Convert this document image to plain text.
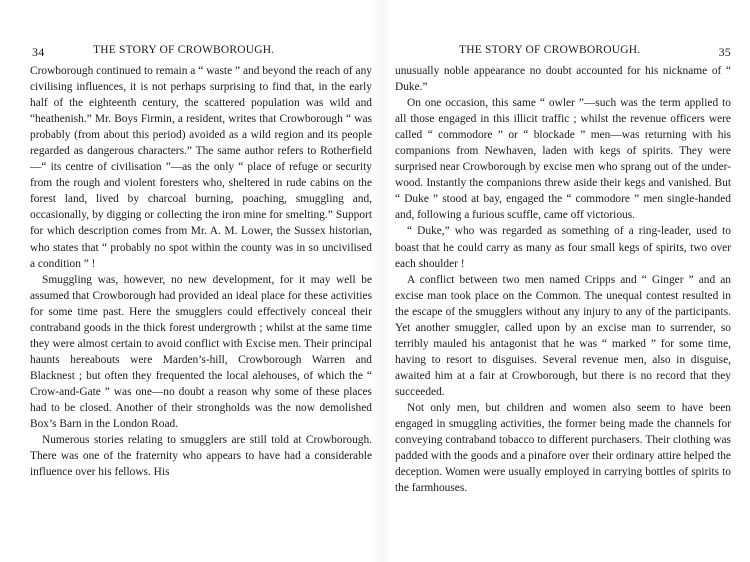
34	THE STORY OF CROWBOROUGH.

Crowborough continued to remain a “ waste ” and beyond the reach of any civilising influences, it is not perhaps surprising to find that, in the early half of the eighteenth century, the scattered population was wild and “heathenish.” Mr. Boys Firmin, a resident, writes that Crowborough “ was probably (from about this period) avoided as a wild region and its people regarded as dangerous characters.” The same author refers to Rotherfield—“ its centre of civilisation ”—as the only “ place of refuge or security from the rough and violent foresters who, sheltered in rude cabins on the forest land, lived by charcoal burning, poaching, smuggling and, occasionally, by digging or collecting the iron mine for smelting.” Support for which description comes from Mr. A. M. Lower, the Sussex historian, who states that “ probably no spot within the county was in so uncivilised a condition ” !

Smuggling was, however, no new development, for it may well be assumed that Crowborough had provided an ideal place for these activities for some time past. Here the smugglers could effectively conceal their contraband goods in the thick forest undergrowth ; whilst at the same time they were almost certain to avoid conflict with Excise men. Their principal haunts hereabouts were Marden’s-hill, Crowborough Warren and Blacknest ; but often they frequented the local alehouses, of which the “ Crow-and-Gate ” was one—no doubt a reason why some of these places had to be closed. Another of their strongholds was the now demolished Box’s Barn in the London Road.

Numerous stories relating to smugglers are still told at Crowborough. There was one of the fraternity who appears to have had a considerable influence over his fellows. His

THE STORY OF CROWBOROUGH.	35

unusually noble appearance no doubt accounted for his nickname of “ Duke.”

On one occasion, this same “ owler ”—such was the term applied to all those engaged in this illicit traffic ; whilst the revenue officers were called “ commodore ” or “ blockade ” men—was returning with his companions from Newhaven, laden with kegs of spirits. They were surprised near Crowborough by excise men who sprang out of the under-wood. Instantly the companions threw aside their kegs and vanished. But “ Duke ” stood at bay, engaged the “ commodore ” men single-handed and, following a furious scuffle, came off victorious.

“ Duke,” who was regarded as something of a ring-leader, used to boast that he could carry as many as four small kegs of spirits, two over each shoulder !

A conflict between two men named Cripps and “ Ginger ” and an excise man took place on the Common. The unequal contest resulted in the escape of the smugglers without any injury to any of the participants. Yet another smuggler, called upon by an excise man to surrender, so terribly mauled his antagonist that he was “ marked ” for some time, having to resort to disguises. Several revenue men, also in disguise, awaited him at a fair at Crowborough, but there is no record that they succeeded.

Not only men, but children and women also seem to have been engaged in smuggling activities, the former being made the channels for conveying contraband tobacco to different purchasers. Their clothing was padded with the goods and a pinafore over their ordinary attire helped the deception. Women were usually employed in carrying bottles of spirits to the farmhouses.
